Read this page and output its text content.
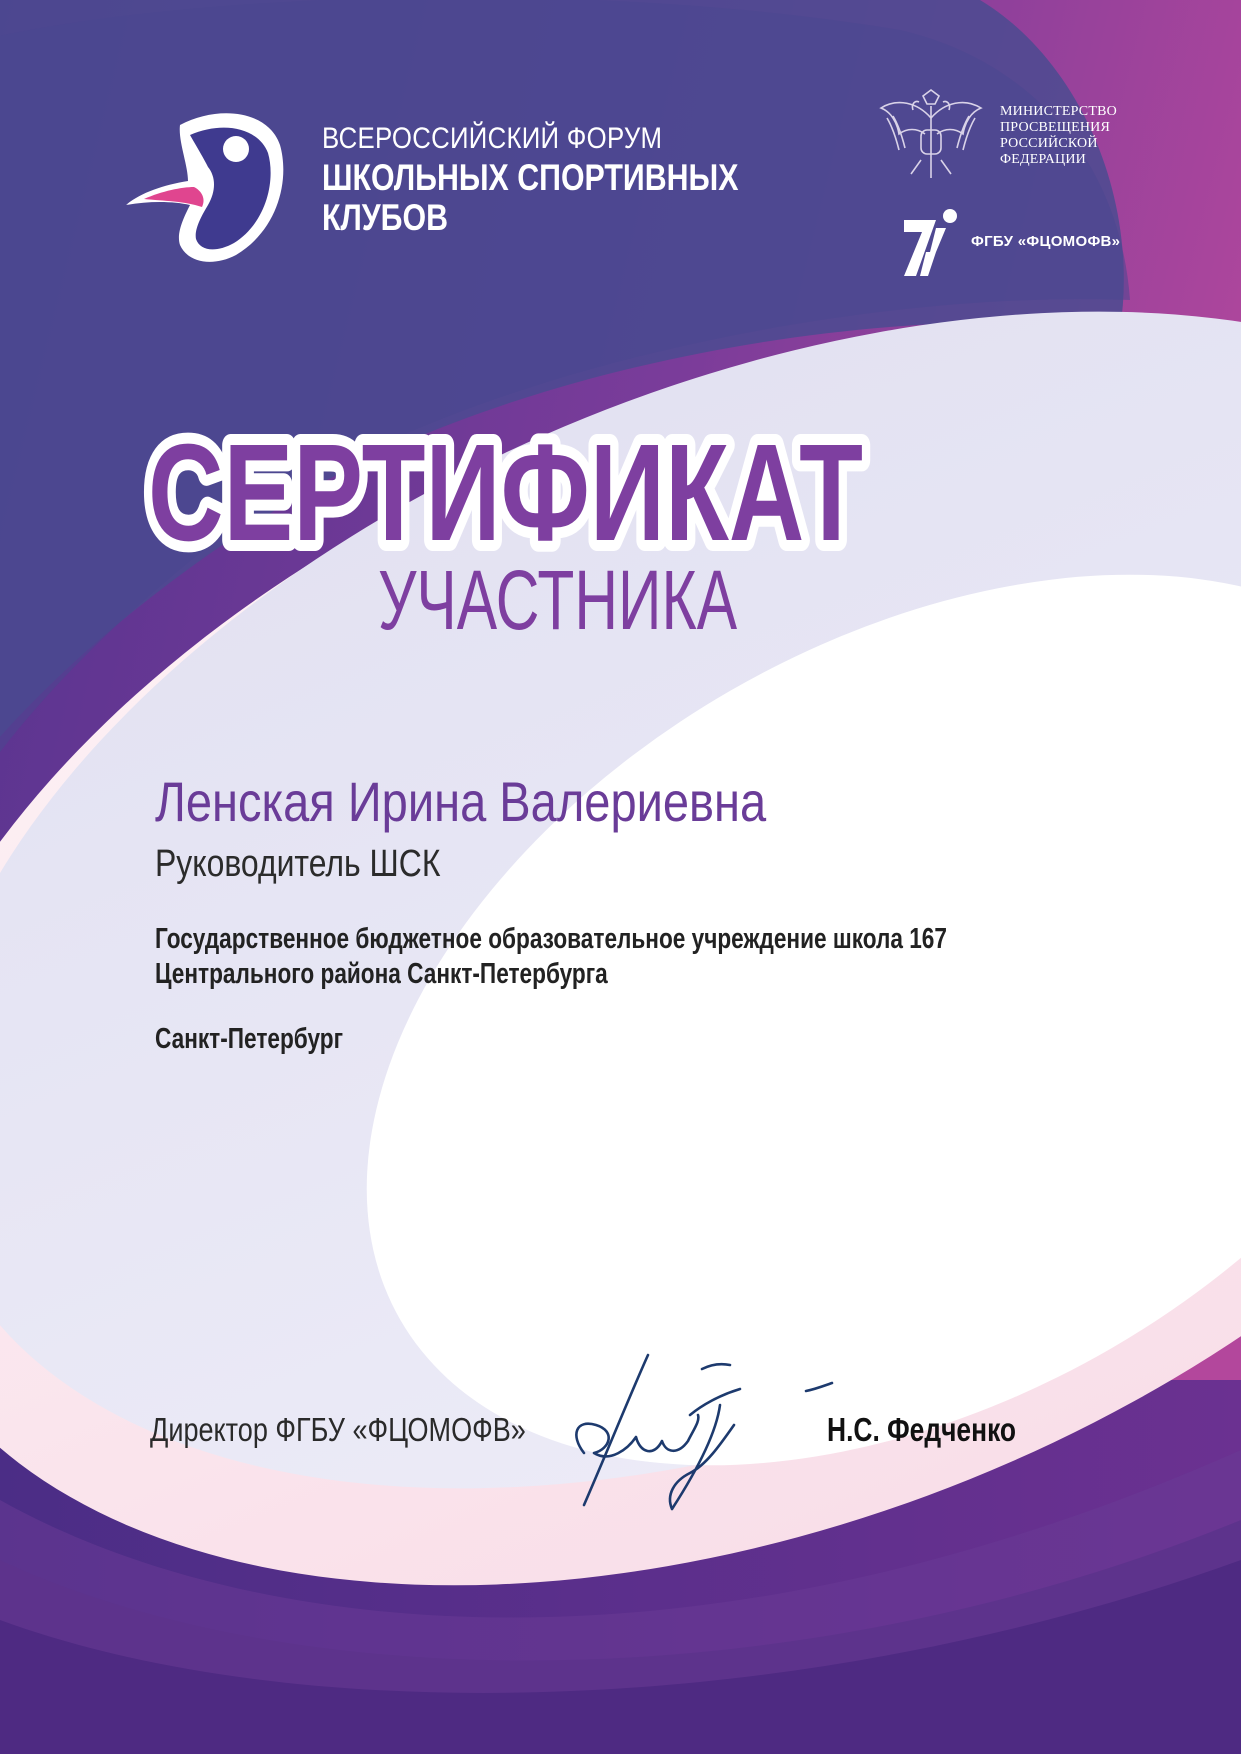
ВСЕРОССИЙСКИЙ ФОРУМ
ШКОЛЬНЫХ СПОРТИВНЫХ
КЛУБОВ
МИНИСТЕРСТВО
ПРОСВЕЩЕНИЯ
РОССИЙСКОЙ
ФЕДЕРАЦИИ
ФГБУ «ФЦОМОФВ»
СЕРТИФИКАТ
УЧАСТНИКА
Ленская Ирина Валериевна
Руководитель ШСК
Государственное бюджетное образовательное учреждение школа 167
Центрального района Санкт-Петербурга
Санкт-Петербург
Директор ФГБУ «ФЦОМОФВ»	Н.С. Федченко
